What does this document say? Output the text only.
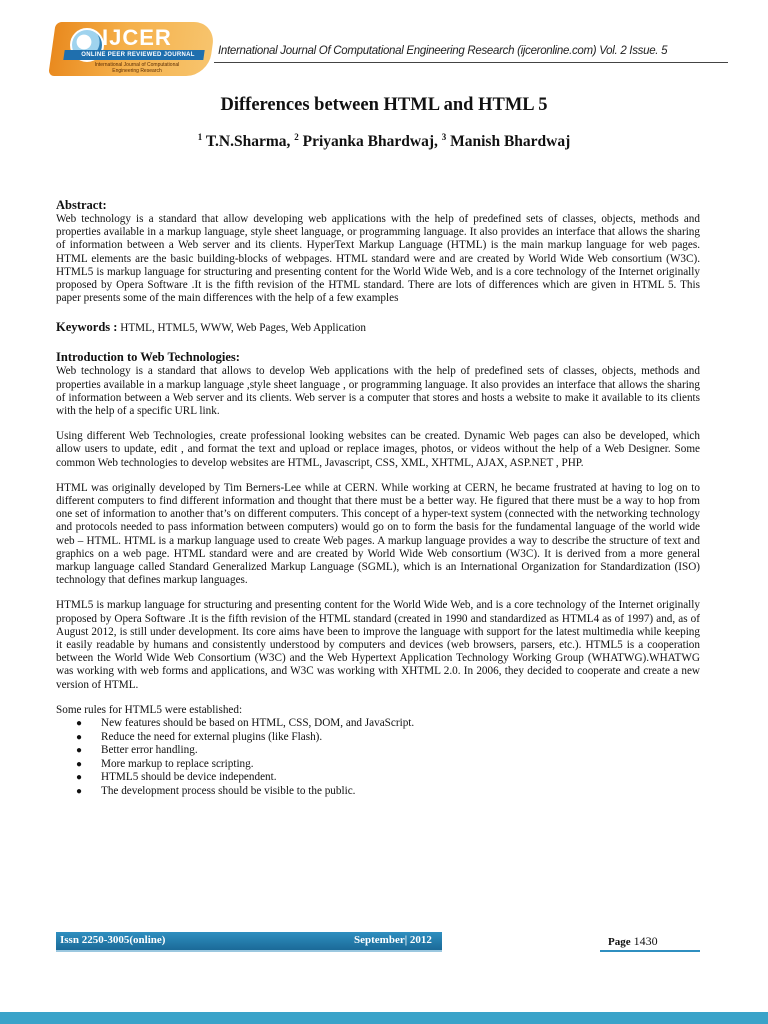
IJCER
ONLINE PEER REVIEWED JOURNAL
International Journal of Computational Engineering Research
International Journal Of Computational Engineering Research (ijceronline.com) Vol. 2 Issue. 5
Differences between HTML and HTML 5
$^1$ T.N.Sharma, $^2$ Priyanka Bhardwaj, $^3$ Manish Bhardwaj

Abstract:

Web technology is a standard that allow developing web applications with the help of predefined sets of classes, objects, methods and properties available in a markup language, style sheet language, or programming language. It also provides an interface that allows the sharing of information between a Web server and its clients. HyperText Markup Language (HTML) is the main markup language for web pages. HTML elements are the basic building-blocks of webpages. HTML standard were and are created by World Wide Web consortium (W3C). HTML5 is markup language for structuring and presenting content for the World Wide Web, and is a core technology of the Internet originally proposed by Opera Software .It is the fifth revision of the HTML standard. There are lots of differences which are given in HTML 5. This paper presents some of the main differences with the help of a few examples

Keywords : HTML, HTML5, WWW, Web Pages, Web Application

Introduction to Web Technologies:

Web technology is a standard that allows to develop Web applications with the help of predefined sets of classes, objects, methods and properties available in a markup language ,style sheet language , or programming language. It also provides an interface that allows the sharing of information between a Web server and its clients. Web server is a computer that stores and hosts a website to make it available to its clients with the help of a specific URL link.

Using different Web Technologies, create professional looking websites can be created. Dynamic Web pages can also be developed, which allow users to update, edit , and format the text and upload or replace images, photos, or videos without the help of a Web Designer. Some common Web technologies to develop websites are HTML, Javascript, CSS, XML, XHTML, AJAX, ASP.NET , PHP.

HTML was originally developed by Tim Berners-Lee while at CERN. While working at CERN, he became frustrated at having to log on to different computers to find different information and thought that there must be a better way. He figured that there must be a way to hop from one set of information to another that’s on different computers. This concept of a hyper-text system (connected with the networking technology and protocols needed to pass information between computers) would go on to form the basis for the fundamental language of the world wide web – HTML. HTML is a markup language used to create Web pages. A markup language provides a way to describe the structure of text and graphics on a web page. HTML standard were and are created by World Wide Web consortium (W3C). It is derived from a more general markup language called Standard Generalized Markup Language (SGML), which is an International Organization for Standardization (ISO) technology that defines markup languages.

HTML5 is markup language for structuring and presenting content for the World Wide Web, and is a core technology of the Internet originally proposed by Opera Software .It is the fifth revision of the HTML standard (created in 1990 and standardized as HTML4 as of 1997) and, as of August 2012, is still under development. Its core aims have been to improve the language with support for the latest multimedia while keeping it easily readable by humans and consistently understood by computers and devices (web browsers, parsers, etc.). HTML5 is a cooperation between the World Wide Web Consortium (W3C) and the Web Hypertext Application Technology Working Group (WHATWG).WHATWG was working with web forms and applications, and W3C was working with XHTML 2.0. In 2006, they decided to cooperate and create a new version of HTML.

Some rules for HTML5 were established:

● New features should be based on HTML, CSS, DOM, and JavaScript.
● Reduce the need for external plugins (like Flash).
● Better error handling.
● More markup to replace scripting.
● HTML5 should be device independent.
● The development process should be visible to the public.
Issn 2250-3005(online)	September| 2012	Page 1430
